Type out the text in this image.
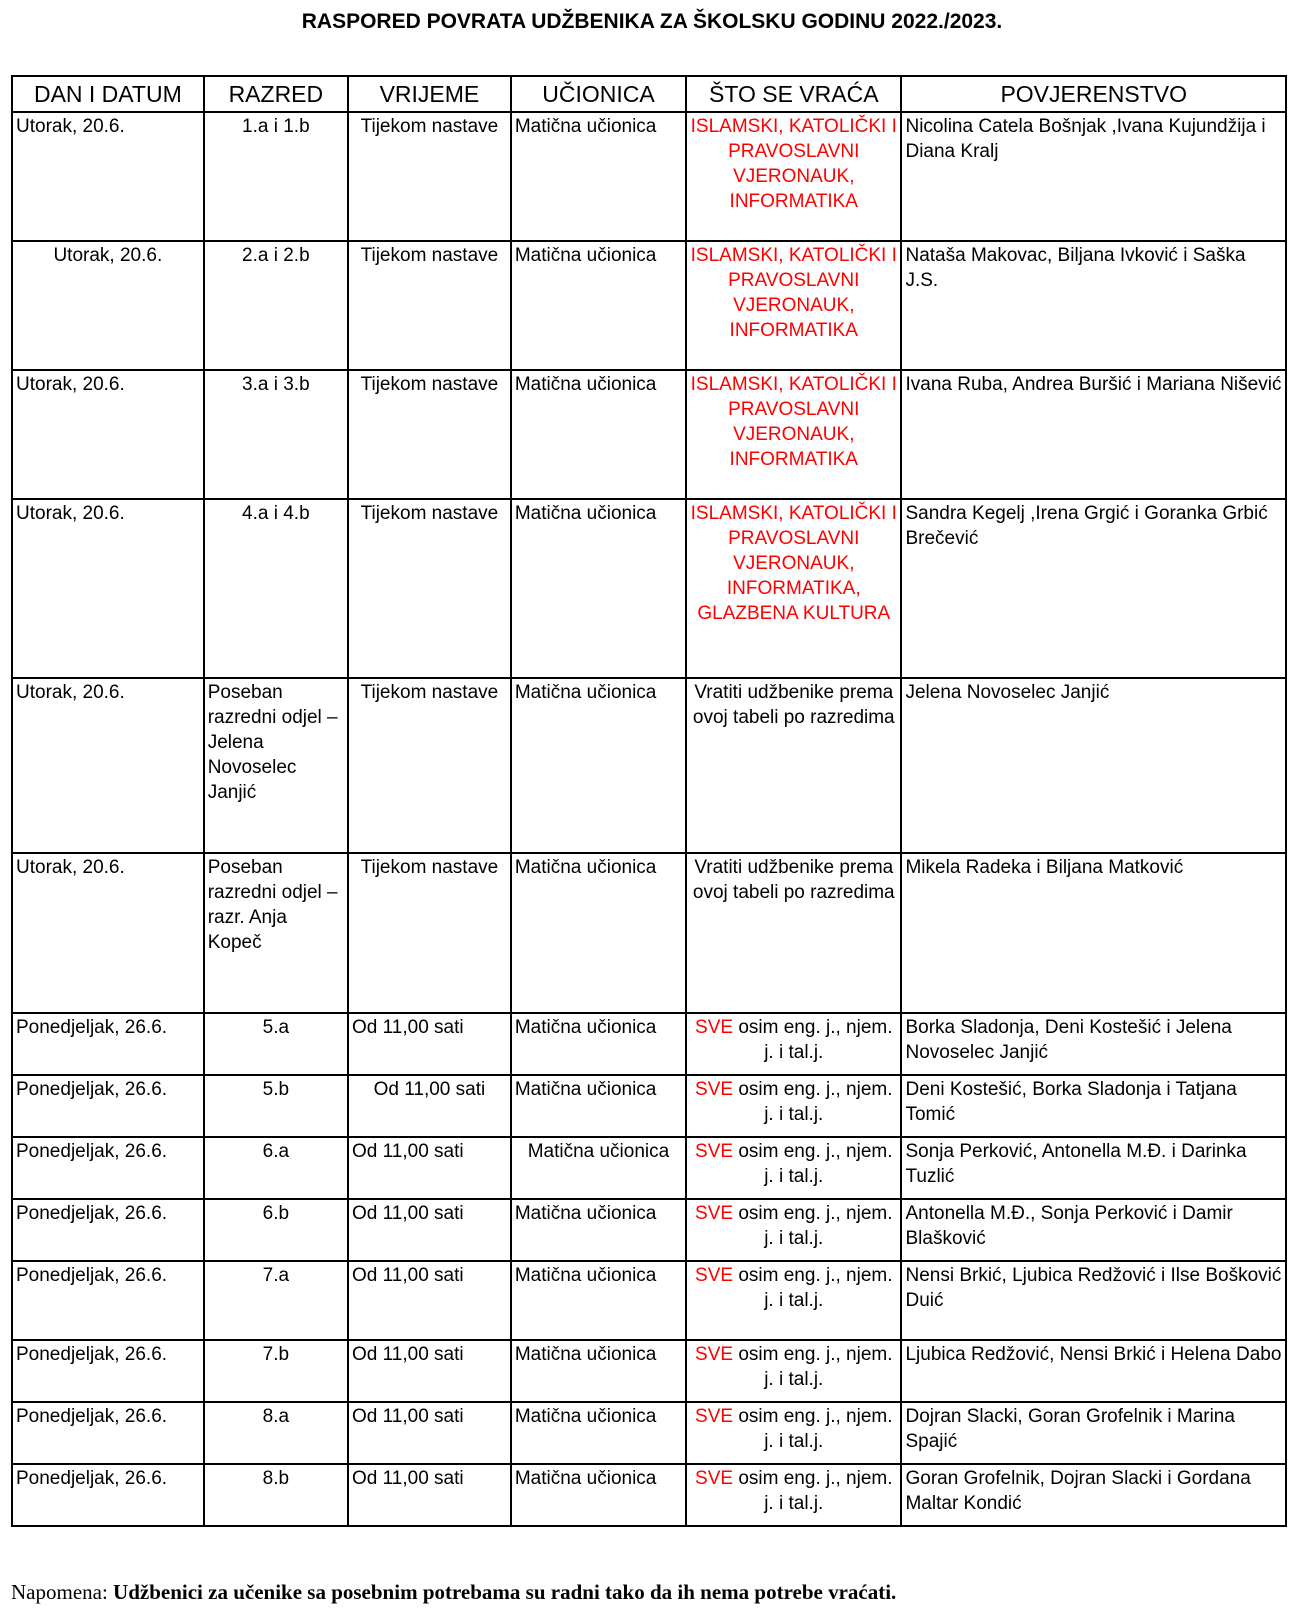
RASPORED POVRATA UDŽBENIKA ZA ŠKOLSKU GODINU 2022./2023.
DAN I DATUM	RAZRED	VRIJEME	UČIONICA	ŠTO SE VRAĆA	POVJERENSTVO
Utorak, 20.6.	1.a i 1.b	Tijekom nastave	Matična učionica	ISLAMSKI, KATOLIČKI I PRAVOSLAVNI VJERONAUK, INFORMATIKA	Nicolina Catela Bošnjak ,Ivana Kujundžija i Diana Kralj
Utorak, 20.6.	2.a i 2.b	Tijekom nastave	Matična učionica	ISLAMSKI, KATOLIČKI I PRAVOSLAVNI VJERONAUK, INFORMATIKA	Nataša Makovac, Biljana Ivković i Saška J.S.
Utorak, 20.6.	3.a i 3.b	Tijekom nastave	Matična učionica	ISLAMSKI, KATOLIČKI I PRAVOSLAVNI VJERONAUK, INFORMATIKA	Ivana Ruba, Andrea Buršić i Mariana Nišević
Utorak, 20.6.	4.a i 4.b	Tijekom nastave	Matična učionica	ISLAMSKI, KATOLIČKI I PRAVOSLAVNI VJERONAUK, INFORMATIKA, GLAZBENA KULTURA	Sandra Kegelj ,Irena Grgić i Goranka Grbić Brečević
Utorak, 20.6.	Poseban razredni odjel – Jelena Novoselec Janjić	Tijekom nastave	Matična učionica	Vratiti udžbenike prema ovoj tabeli po razredima	Jelena Novoselec Janjić
Utorak, 20.6.	Poseban razredni odjel – razr. Anja Kopeč	Tijekom nastave	Matična učionica	Vratiti udžbenike prema ovoj tabeli po razredima	Mikela Radeka i Biljana Matković
Ponedjeljak, 26.6.	5.a	Od 11,00 sati	Matična učionica	SVE osim eng. j., njem. j. i tal.j.	Borka Sladonja, Deni Kostešić i Jelena Novoselec Janjić
Ponedjeljak, 26.6.	5.b	Od 11,00 sati	Matična učionica	SVE osim eng. j., njem. j. i tal.j.	Deni Kostešić, Borka Sladonja i Tatjana Tomić
Ponedjeljak, 26.6.	6.a	Od 11,00 sati	Matična učionica	SVE osim eng. j., njem. j. i tal.j.	Sonja Perković, Antonella M.Đ. i Darinka Tuzlić
Ponedjeljak, 26.6.	6.b	Od 11,00 sati	Matična učionica	SVE osim eng. j., njem. j. i tal.j.	Antonella M.Đ., Sonja Perković i Damir Blašković
Ponedjeljak, 26.6.	7.a	Od 11,00 sati	Matična učionica	SVE osim eng. j., njem. j. i tal.j.	Nensi Brkić, Ljubica Redžović i Ilse Bošković Duić
Ponedjeljak, 26.6.	7.b	Od 11,00 sati	Matična učionica	SVE osim eng. j., njem. j. i tal.j.	Ljubica Redžović, Nensi Brkić i Helena Dabo
Ponedjeljak, 26.6.	8.a	Od 11,00 sati	Matična učionica	SVE osim eng. j., njem. j. i tal.j.	Dojran Slacki, Goran Grofelnik i Marina Spajić
Ponedjeljak, 26.6.	8.b	Od 11,00 sati	Matična učionica	SVE osim eng. j., njem. j. i tal.j.	Goran Grofelnik, Dojran Slacki i Gordana Maltar Kondić
Napomena: Udžbenici za učenike sa posebnim potrebama su radni tako da ih nema potrebe vraćati.
